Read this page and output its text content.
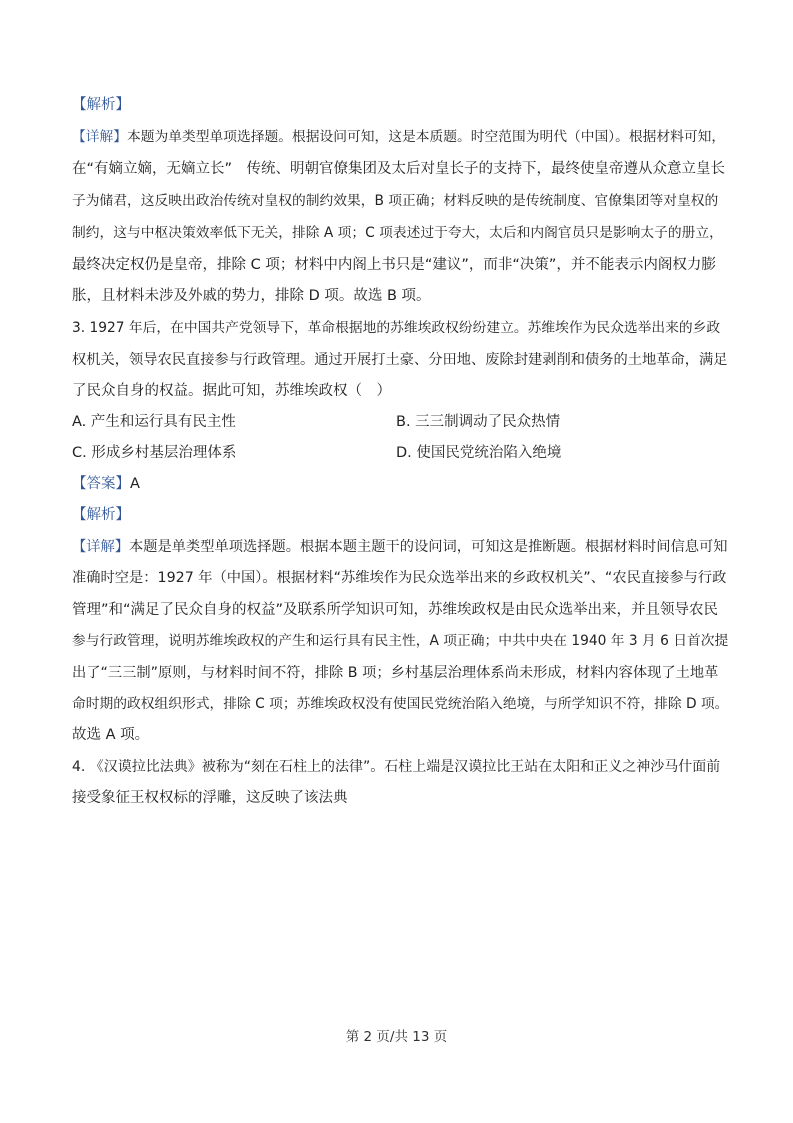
【解析】
【详解】本题为单类型单项选择题。根据设问可知，这是本质题。时空范围为明代（中国）。根据材料可知，
在“有嫡立嫡，无嫡立长”　传统、明朝官僚集团及太后对皇长子的支持下，最终使皇帝遵从众意立皇长
子为储君，这反映出政治传统对皇权的制约效果，B 项正确；材料反映的是传统制度、官僚集团等对皇权的
制约，这与中枢决策效率低下无关，排除 A 项；C 项表述过于夸大，太后和内阁官员只是影响太子的册立，
最终决定权仍是皇帝，排除 C 项；材料中内阁上书只是“建议”，而非“决策”，并不能表示内阁权力膨
胀，且材料未涉及外戚的势力，排除 D 项。故选 B 项。
3. 1927 年后，在中国共产党领导下，革命根据地的苏维埃政权纷纷建立。苏维埃作为民众选举出来的乡政
权机关，领导农民直接参与行政管理。通过开展打土豪、分田地、废除封建剥削和债务的土地革命，满足
了民众自身的权益。据此可知，苏维埃政权（　）
A. 产生和运行具有民主性	B. 三三制调动了民众热情
C. 形成乡村基层治理体系	D. 使国民党统治陷入绝境
【答案】A
【解析】
【详解】本题是单类型单项选择题。根据本题主题干的设问词，可知这是推断题。根据材料时间信息可知
准确时空是：1927 年（中国）。根据材料“苏维埃作为民众选举出来的乡政权机关”、“农民直接参与行政
管理”和“满足了民众自身的权益”及联系所学知识可知，苏维埃政权是由民众选举出来，并且领导农民
参与行政管理，说明苏维埃政权的产生和运行具有民主性，A 项正确；中共中央在 1940 年 3 月 6 日首次提
出了“三三制”原则，与材料时间不符，排除 B 项；乡村基层治理体系尚未形成，材料内容体现了土地革
命时期的政权组织形式，排除 C 项；苏维埃政权没有使国民党统治陷入绝境，与所学知识不符，排除 D 项。
故选 A 项。
4. 《汉谟拉比法典》被称为“刻在石柱上的法律”。石柱上端是汉谟拉比王站在太阳和正义之神沙马什面前
接受象征王权权标的浮雕，这反映了该法典
第 2 页/共 13 页
